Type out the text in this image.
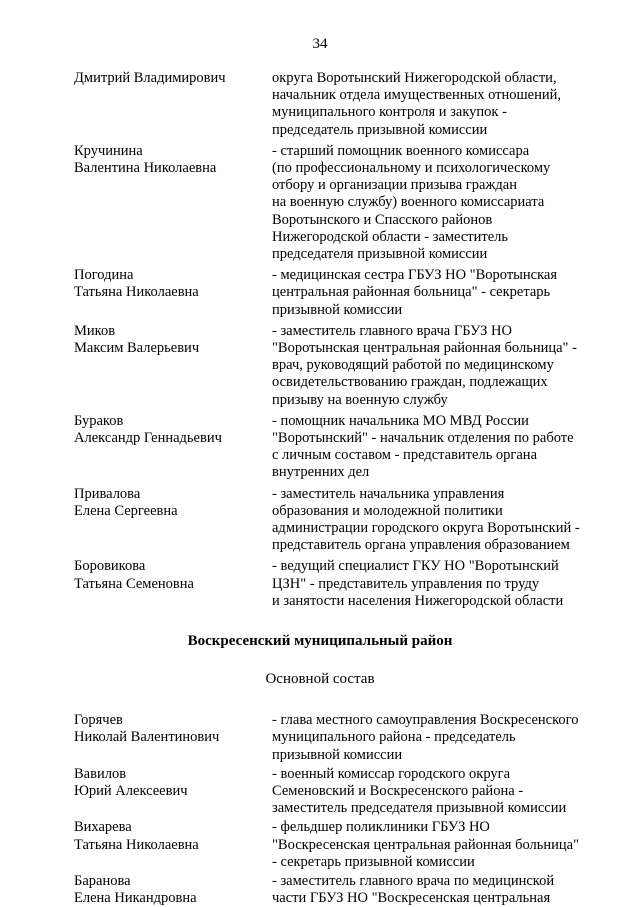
34
Дмитрий Владимирович	округа Воротынский Нижегородской области,
начальник отдела имущественных отношений,
муниципального контроля и закупок -
председатель призывной комиссии
Кручинина
Валентина Николаевна
- старший помощник военного комиссара
(по профессиональному и психологическому
отбору и организации призыва граждан
на военную службу) военного комиссариата
Воротынского и Спасского районов
Нижегородской области - заместитель
председателя призывной комиссии
Погодина
Татьяна Николаевна
- медицинская сестра ГБУЗ НО "Воротынская
центральная районная больница" - секретарь
призывной комиссии
Миков
Максим Валерьевич
- заместитель главного врача ГБУЗ НО
"Воротынская центральная районная больница" -
врач, руководящий работой по медицинскому
освидетельствованию граждан, подлежащих
призыву на военную службу
Бураков
Александр Геннадьевич
- помощник начальника МО МВД России
"Воротынский" - начальник отделения по работе
с личным составом - представитель органа
внутренних дел
Привалова
Елена Сергеевна
- заместитель начальника управления
образования и молодежной политики
администрации городского округа Воротынский -
представитель органа управления образованием
Боровикова
Татьяна Семеновна
- ведущий специалист ГКУ НО "Воротынский
ЦЗН" - представитель управления по труду
и занятости населения Нижегородской области
Воскресенский муниципальный район
Основной состав
Горячев
Николай Валентинович
- глава местного самоуправления Воскресенского
муниципального района - председатель
призывной комиссии
Вавилов
Юрий Алексеевич
- военный комиссар городского округа
Семеновский и Воскресенского района -
заместитель председателя призывной комиссии
Вихарева
Татьяна Николаевна
- фельдшер поликлиники ГБУЗ НО
"Воскресенская центральная районная больница"
- секретарь призывной комиссии
Баранова
Елена Никандровна
- заместитель главного врача по медицинской
части ГБУЗ НО "Воскресенская центральная
